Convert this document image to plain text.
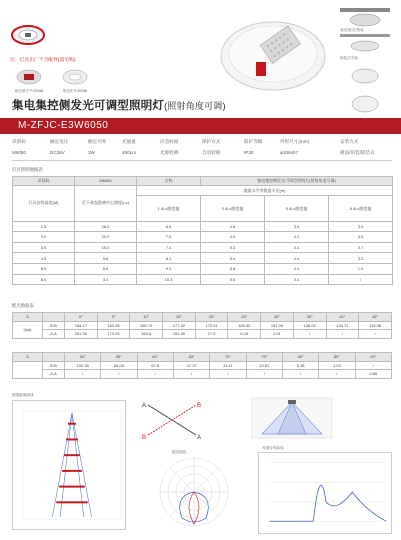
注：灯具出厂不含配件(需另购)
遮光/眩光 PJ00068	集成底 PJ00058
遮光/眩光/集成
嵌装式安装
集电集控侧发光可调型照明灯(照射角度可调)
M-ZFJC-E3W6050
识别码	额定电压	额定功率	光通量	应急时间	保护方式	防护等级	外形尺寸(mm)	安装方式
M6050	DC36V	3W	490Lm	光源检测	自动转换	IP30	φ108x57	吸顶/吊装/嵌装式
灯具照明数据表
识别码	M6050	名称	集电集控侧发光可调型照明灯(照射角度可调)		
灯具安装高度(M)	灯下垂直距离中心照度(Lx)	地面水平等照度半径(m)			
		1.0Lx照度值	3.0Lx照度值	5.0Lx照度值	8.0Lx照度值
2.5	28.0	6.5	4.8	3.9	3.0
3.0	20.0	7.0	4.9	4.2	3.5
3.5	15.0	7.4	5.3	4.4	3.7
4.5	9.6	8.1	5.4	4.4	3.2
6.0	5.6	9.3	5.8	4.4	1.9
8.0	3.4	10.3	5.6	3.4	/
配光数据表
θ		0°	5°	10°	15°	20°	25°	30°	35°	40°	45°
I(cd)	B-B	164.17	163.28	160.79	177.42	172.01	160.42	157.09	146.02	134.71	119.38
	A-A	161.30	173.29	164.5	161.49	17.5	6.16	2.01	/	/	/
θ		50°	55°	60°	65°	70°	75°	80°	85°	90°
	B-B	102.28	84.05	67.8	47.37	33.11	14.61	5.38	1.53	/
	A-A	/	/	/	/	/	/	/	/	0.86
照度距离曲线
A
B
B
A
配光曲线
光谱分布曲线
